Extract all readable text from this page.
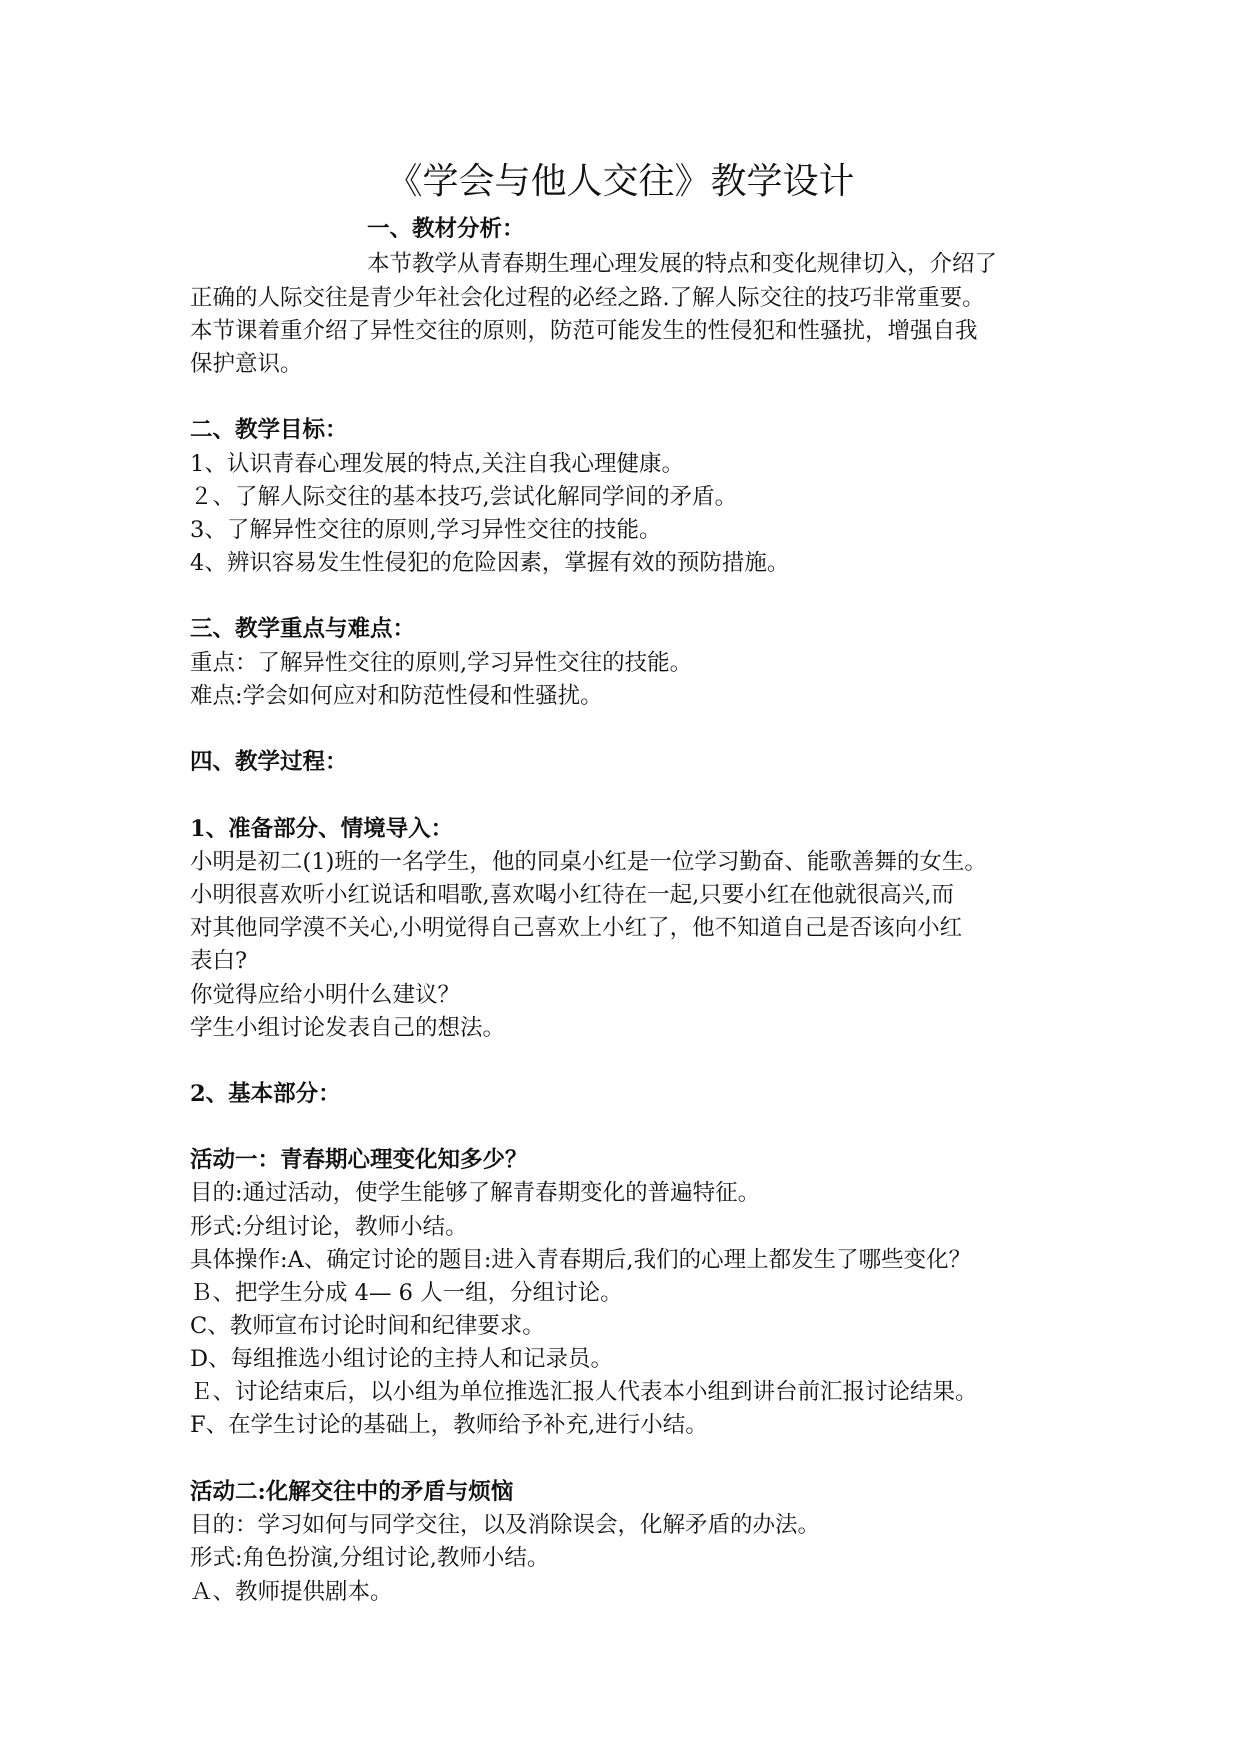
《学会与他人交往》教学设计
一、教材分析：
本节教学从青春期生理心理发展的特点和变化规律切入，介绍了
正确的人际交往是青少年社会化过程的必经之路.了解人际交往的技巧非常重要。
本节课着重介绍了异性交往的原则，防范可能发生的性侵犯和性骚扰，增强自我
保护意识。
二、教学目标：
1、认识青春心理发展的特点,关注自我心理健康。
２、了解人际交往的基本技巧,尝试化解同学间的矛盾。
3、了解异性交往的原则,学习异性交往的技能。
4、辨识容易发生性侵犯的危险因素，掌握有效的预防措施。
三、教学重点与难点：
重点：了解异性交往的原则,学习异性交往的技能。
难点:学会如何应对和防范性侵和性骚扰。
四、教学过程：
1、准备部分、情境导入：
小明是初二(1)班的一名学生，他的同桌小红是一位学习勤奋、能歌善舞的女生。
小明很喜欢听小红说话和唱歌,喜欢喝小红待在一起,只要小红在他就很高兴,而
对其他同学漠不关心,小明觉得自己喜欢上小红了，他不知道自己是否该向小红
表白?
你觉得应给小明什么建议？
学生小组讨论发表自己的想法。
2、基本部分：
活动一：青春期心理变化知多少？
目的:通过活动，使学生能够了解青春期变化的普遍特征。
形式:分组讨论，教师小结。
具体操作:A、确定讨论的题目:进入青春期后,我们的心理上都发生了哪些变化？
Ｂ、把学生分成 4— 6 人一组，分组讨论。
C、教师宣布讨论时间和纪律要求。
D、每组推选小组讨论的主持人和记录员。
Ｅ、讨论结束后，以小组为单位推选汇报人代表本小组到讲台前汇报讨论结果。
F、在学生讨论的基础上，教师给予补充,进行小结。
活动二:化解交往中的矛盾与烦恼
目的：学习如何与同学交往，以及消除误会，化解矛盾的办法。
形式:角色扮演,分组讨论,教师小结。
Ａ、教师提供剧本。
